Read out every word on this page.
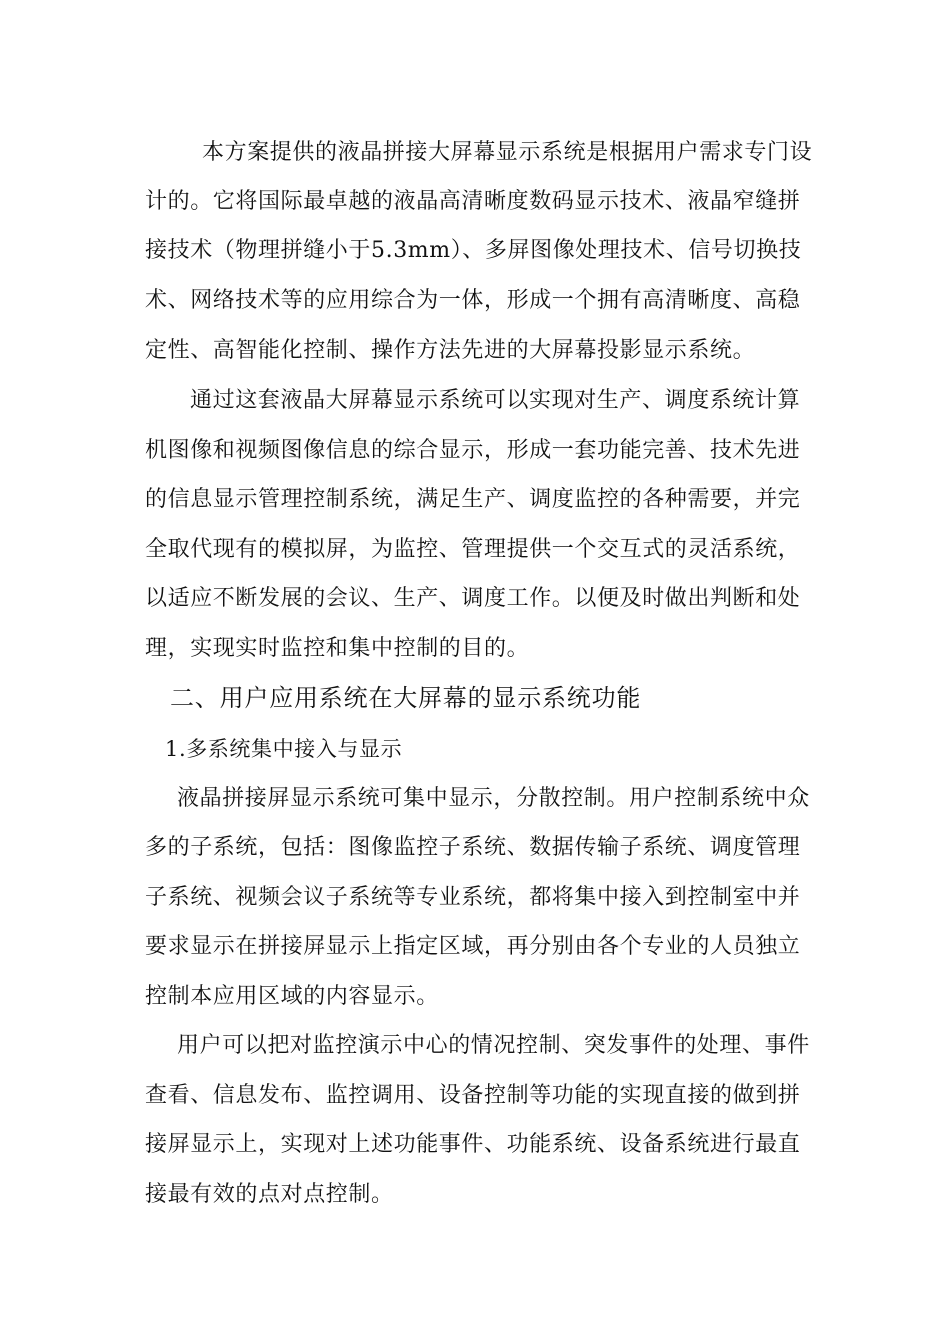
本方案提供的液晶拼接大屏幕显示系统是根据用户需求专门设
计的。它将国际最卓越的液晶高清晰度数码显示技术、液晶窄缝拼
接技术（物理拼缝小于5.3mm）、多屏图像处理技术、信号切换技
术、网络技术等的应用综合为一体，形成一个拥有高清晰度、高稳
定性、高智能化控制、操作方法先进的大屏幕投影显示系统。
通过这套液晶大屏幕显示系统可以实现对生产、调度系统计算
机图像和视频图像信息的综合显示，形成一套功能完善、技术先进
的信息显示管理控制系统，满足生产、调度监控的各种需要，并完
全取代现有的模拟屏，为监控、管理提供一个交互式的灵活系统，
以适应不断发展的会议、生产、调度工作。以便及时做出判断和处
理，实现实时监控和集中控制的目的。
二、用户应用系统在大屏幕的显示系统功能
1.多系统集中接入与显示
液晶拼接屏显示系统可集中显示，分散控制。用户控制系统中众
多的子系统，包括：图像监控子系统、数据传输子系统、调度管理
子系统、视频会议子系统等专业系统，都将集中接入到控制室中并
要求显示在拼接屏显示上指定区域，再分别由各个专业的人员独立
控制本应用区域的内容显示。
用户可以把对监控演示中心的情况控制、突发事件的处理、事件
查看、信息发布、监控调用、设备控制等功能的实现直接的做到拼
接屏显示上，实现对上述功能事件、功能系统、设备系统进行最直
接最有效的点对点控制。
